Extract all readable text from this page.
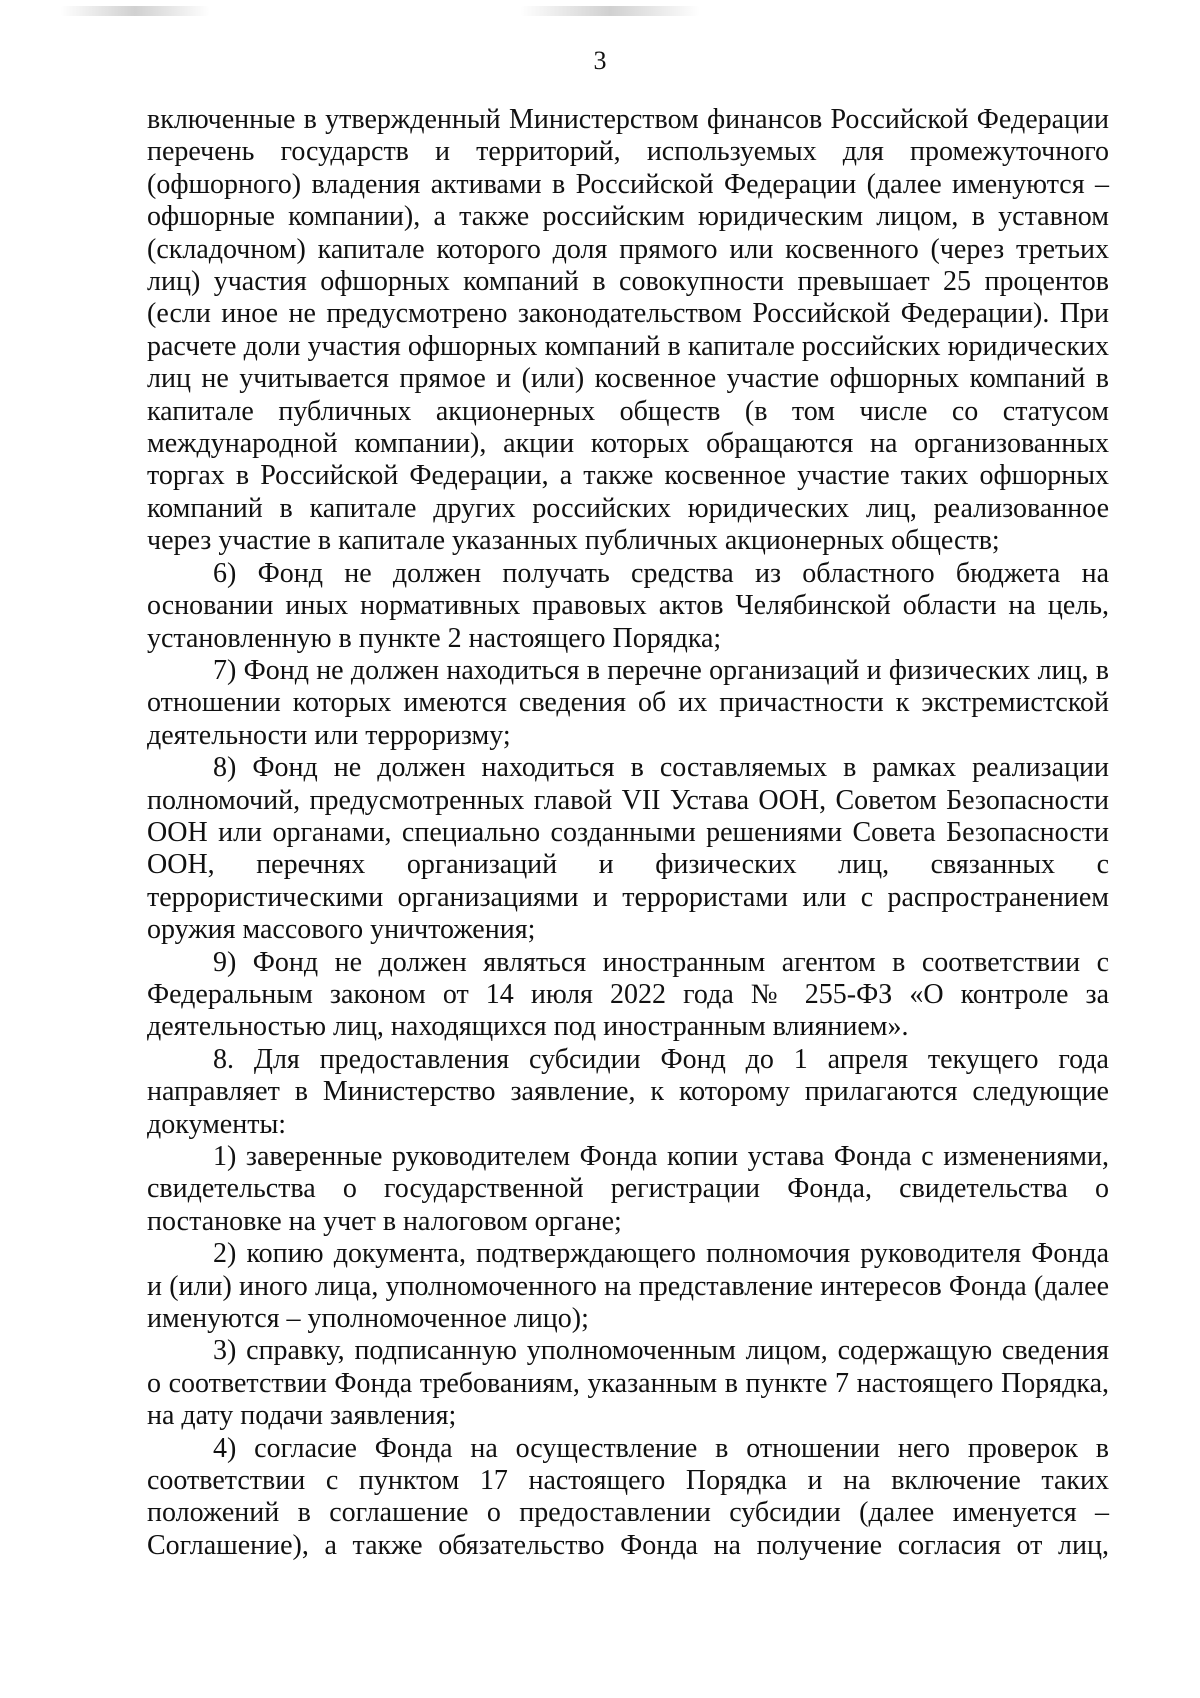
3

включенные в утвержденный Министерством финансов Российской Федерации перечень государств и территорий, используемых для промежуточного (офшорного) владения активами в Российской Федерации (далее именуются – офшорные компании), а также российским юридическим лицом, в уставном (складочном) капитале которого доля прямого или косвенного (через третьих лиц) участия офшорных компаний в совокупности превышает 25 процентов (если иное не предусмотрено законодательством Российской Федерации). При расчете доли участия офшорных компаний в капитале российских юридических лиц не учитывается прямое и (или) косвенное участие офшорных компаний в капитале публичных акционерных обществ (в том числе со статусом международной компании), акции которых обращаются на организованных торгах в Российской Федерации, а также косвенное участие таких офшорных компаний в капитале других российских юридических лиц, реализованное через участие в капитале указанных публичных акционерных обществ;

6) Фонд не должен получать средства из областного бюджета на основании иных нормативных правовых актов Челябинской области на цель, установленную в пункте 2 настоящего Порядка;

7) Фонд не должен находиться в перечне организаций и физических лиц, в отношении которых имеются сведения об их причастности к экстремистской деятельности или терроризму;

8) Фонд не должен находиться в составляемых в рамках реализации полномочий, предусмотренных главой VII Устава ООН, Советом Безопасности ООН или органами, специально созданными решениями Совета Безопасности ООН, перечнях организаций и физических лиц, связанных с террористическими организациями и террористами или с распространением оружия массового уничтожения;

9) Фонд не должен являться иностранным агентом в соответствии с Федеральным законом от 14 июля 2022 года № 255-ФЗ «О контроле за деятельностью лиц, находящихся под иностранным влиянием».

8. Для предоставления субсидии Фонд до 1 апреля текущего года направляет в Министерство заявление, к которому прилагаются следующие документы:

1) заверенные руководителем Фонда копии устава Фонда с изменениями, свидетельства о государственной регистрации Фонда, свидетельства о постановке на учет в налоговом органе;

2) копию документа, подтверждающего полномочия руководителя Фонда и (или) иного лица, уполномоченного на представление интересов Фонда (далее именуются – уполномоченное лицо);

3) справку, подписанную уполномоченным лицом, содержащую сведения о соответствии Фонда требованиям, указанным в пункте 7 настоящего Порядка, на дату подачи заявления;

4) согласие Фонда на осуществление в отношении него проверок в соответствии с пунктом 17 настоящего Порядка и на включение таких положений в соглашение о предоставлении субсидии (далее именуется – Соглашение), а также обязательство Фонда на получение согласия от лиц,
